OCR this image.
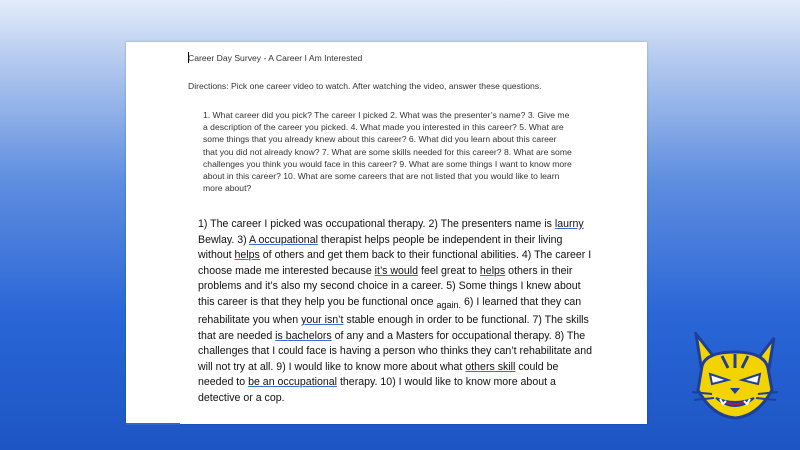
Career Day Survey - A Career I Am Interested
Directions: Pick one career video to watch. After watching the video, answer these questions.
1. What career did you pick? The career I picked 2. What was the presenter’s name? 3. Give me a description of the career you picked. 4. What made you interested in this career? 5. What are some things that you already knew about this career? 6. What did you learn about this career that you did not already know? 7. What are some skills needed for this career? 8. What are some challenges you think you would face in this career? 9. What are some things I want to know more about in this career? 10. What are some careers that are not listed that you would like to learn more about?
1) The career I picked was occupational therapy. 2) The presenters name is laurny Bewlay. 3) A occupational therapist helps people be independent in their living without helps of others and get them back to their functional abilities. 4) The career I choose made me interested because it’s would feel great to helps others in their problems and it’s also my second choice in a career. 5) Some things I knew about this career is that they help you be functional once $_{again.}$ 6) I learned that they can rehabilitate you when your isn’t stable enough in order to be functional. 7) The skills that are needed is bachelors of any and a Masters for occupational therapy. 8) The challenges that I could face is having a person who thinks they can’t rehabilitate and will not try at all. 9) I would like to know more about what others skill could be needed to be an occupational therapy. 10) I would like to know more about a detective or a cop.
